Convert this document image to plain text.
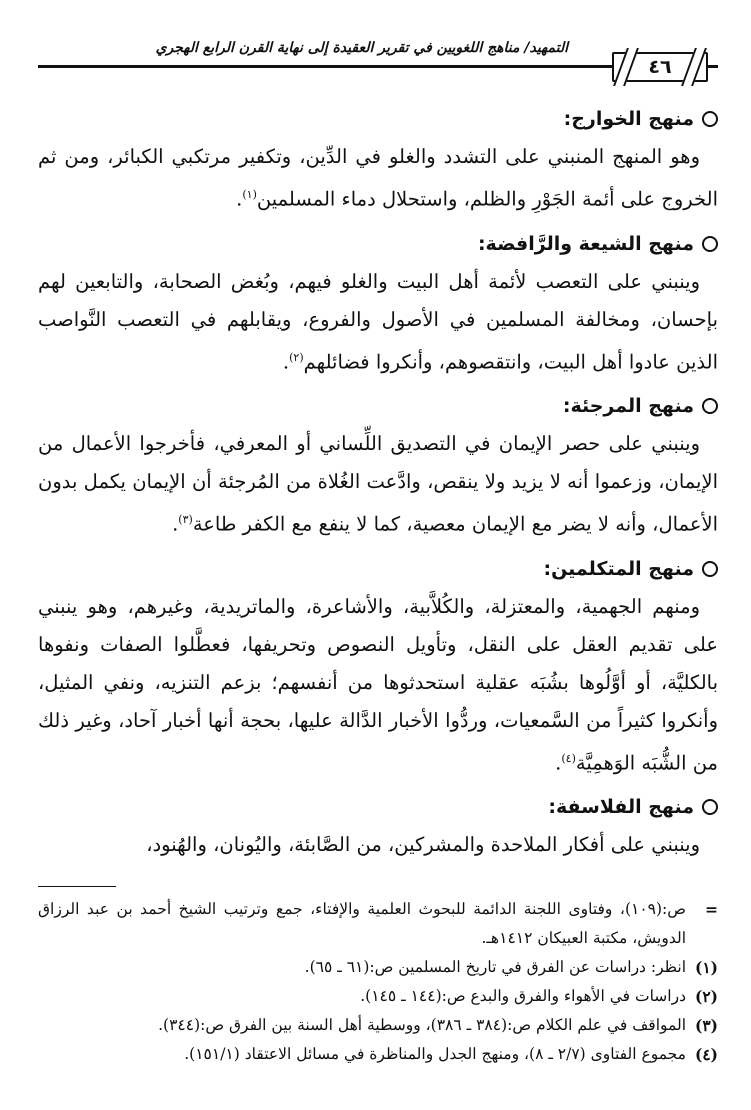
٤٦
التمهيد/ مناهج اللغويين في تقرير العقيدة إلى نهاية القرن الرابع الهجري
منهج الخوارج:

وهو المنهج المنبني على التشدد والغلو في الدِّين، وتكفير مرتكبي الكبائر، ومن ثم الخروج على أئمة الجَوْرِ والظلم، واستحلال دماء المسلمين$^{(١)}$.

منهج الشيعة والرَّافضة:

وينبني على التعصب لأئمة أهل البيت والغلو فيهم، وبُغض الصحابة، والتابعين لهم بإحسان، ومخالفة المسلمين في الأصول والفروع، ويقابلهم في التعصب النَّواصب الذين عادوا أهل البيت، وانتقصوهم، وأنكروا فضائلهم$^{(٢)}$.

منهج المرجئة:

وينبني على حصر الإيمان في التصديق اللِّساني أو المعرفي، فأخرجوا الأعمال من الإيمان، وزعموا أنه لا يزيد ولا ينقص، وادَّعت الغُلاة من المُرجئة أن الإيمان يكمل بدون الأعمال، وأنه لا يضر مع الإيمان معصية، كما لا ينفع مع الكفر طاعة$^{(٣)}$.

منهج المتكلمين:

ومنهم الجهمية، والمعتزلة، والكُلاَّبية، والأشاعرة، والماتريدية، وغيرهم، وهو ينبني على تقديم العقل على النقل، وتأويل النصوص وتحريفها، فعطَّلوا الصفات ونفوها بالكليَّة، أو أوَّلُوها بشُبَه عقلية استحدثوها من أنفسهم؛ بزعم التنزيه، ونفي المثيل، وأنكروا كثيراً من السَّمعيات، وردُّوا الأخبار الدَّالة عليها، بحجة أنها أخبار آحاد، وغير ذلك من الشُّبَه الوَهمِيَّة$^{(٤)}$.

منهج الفلاسفة:

وينبني على أفكار الملاحدة والمشركين، من الصَّابئة، واليُونان، والهُنود،

=
ص:(١٠٩)، وفتاوى اللجنة الدائمة للبحوث العلمية والإفتاء، جمع وترتيب الشيخ أحمد بن عبد الرزاق الدويش، مكتبة العبيكان ١٤١٢هـ.
(١)
انظر: دراسات عن الفرق في تاريخ المسلمين ص:(٦١ ـ ٦٥).
(٢)
دراسات في الأهواء والفرق والبدع ص:(١٤٤ ـ ١٤٥).
(٣)
المواقف في علم الكلام ص:(٣٨٤ ـ ٣٨٦)، ووسطية أهل السنة بين الفرق ص:(٣٤٤).
(٤)
مجموع الفتاوى (٢/٧ ـ ٨)، ومنهج الجدل والمناظرة في مسائل الاعتقاد (١٥١/١).
